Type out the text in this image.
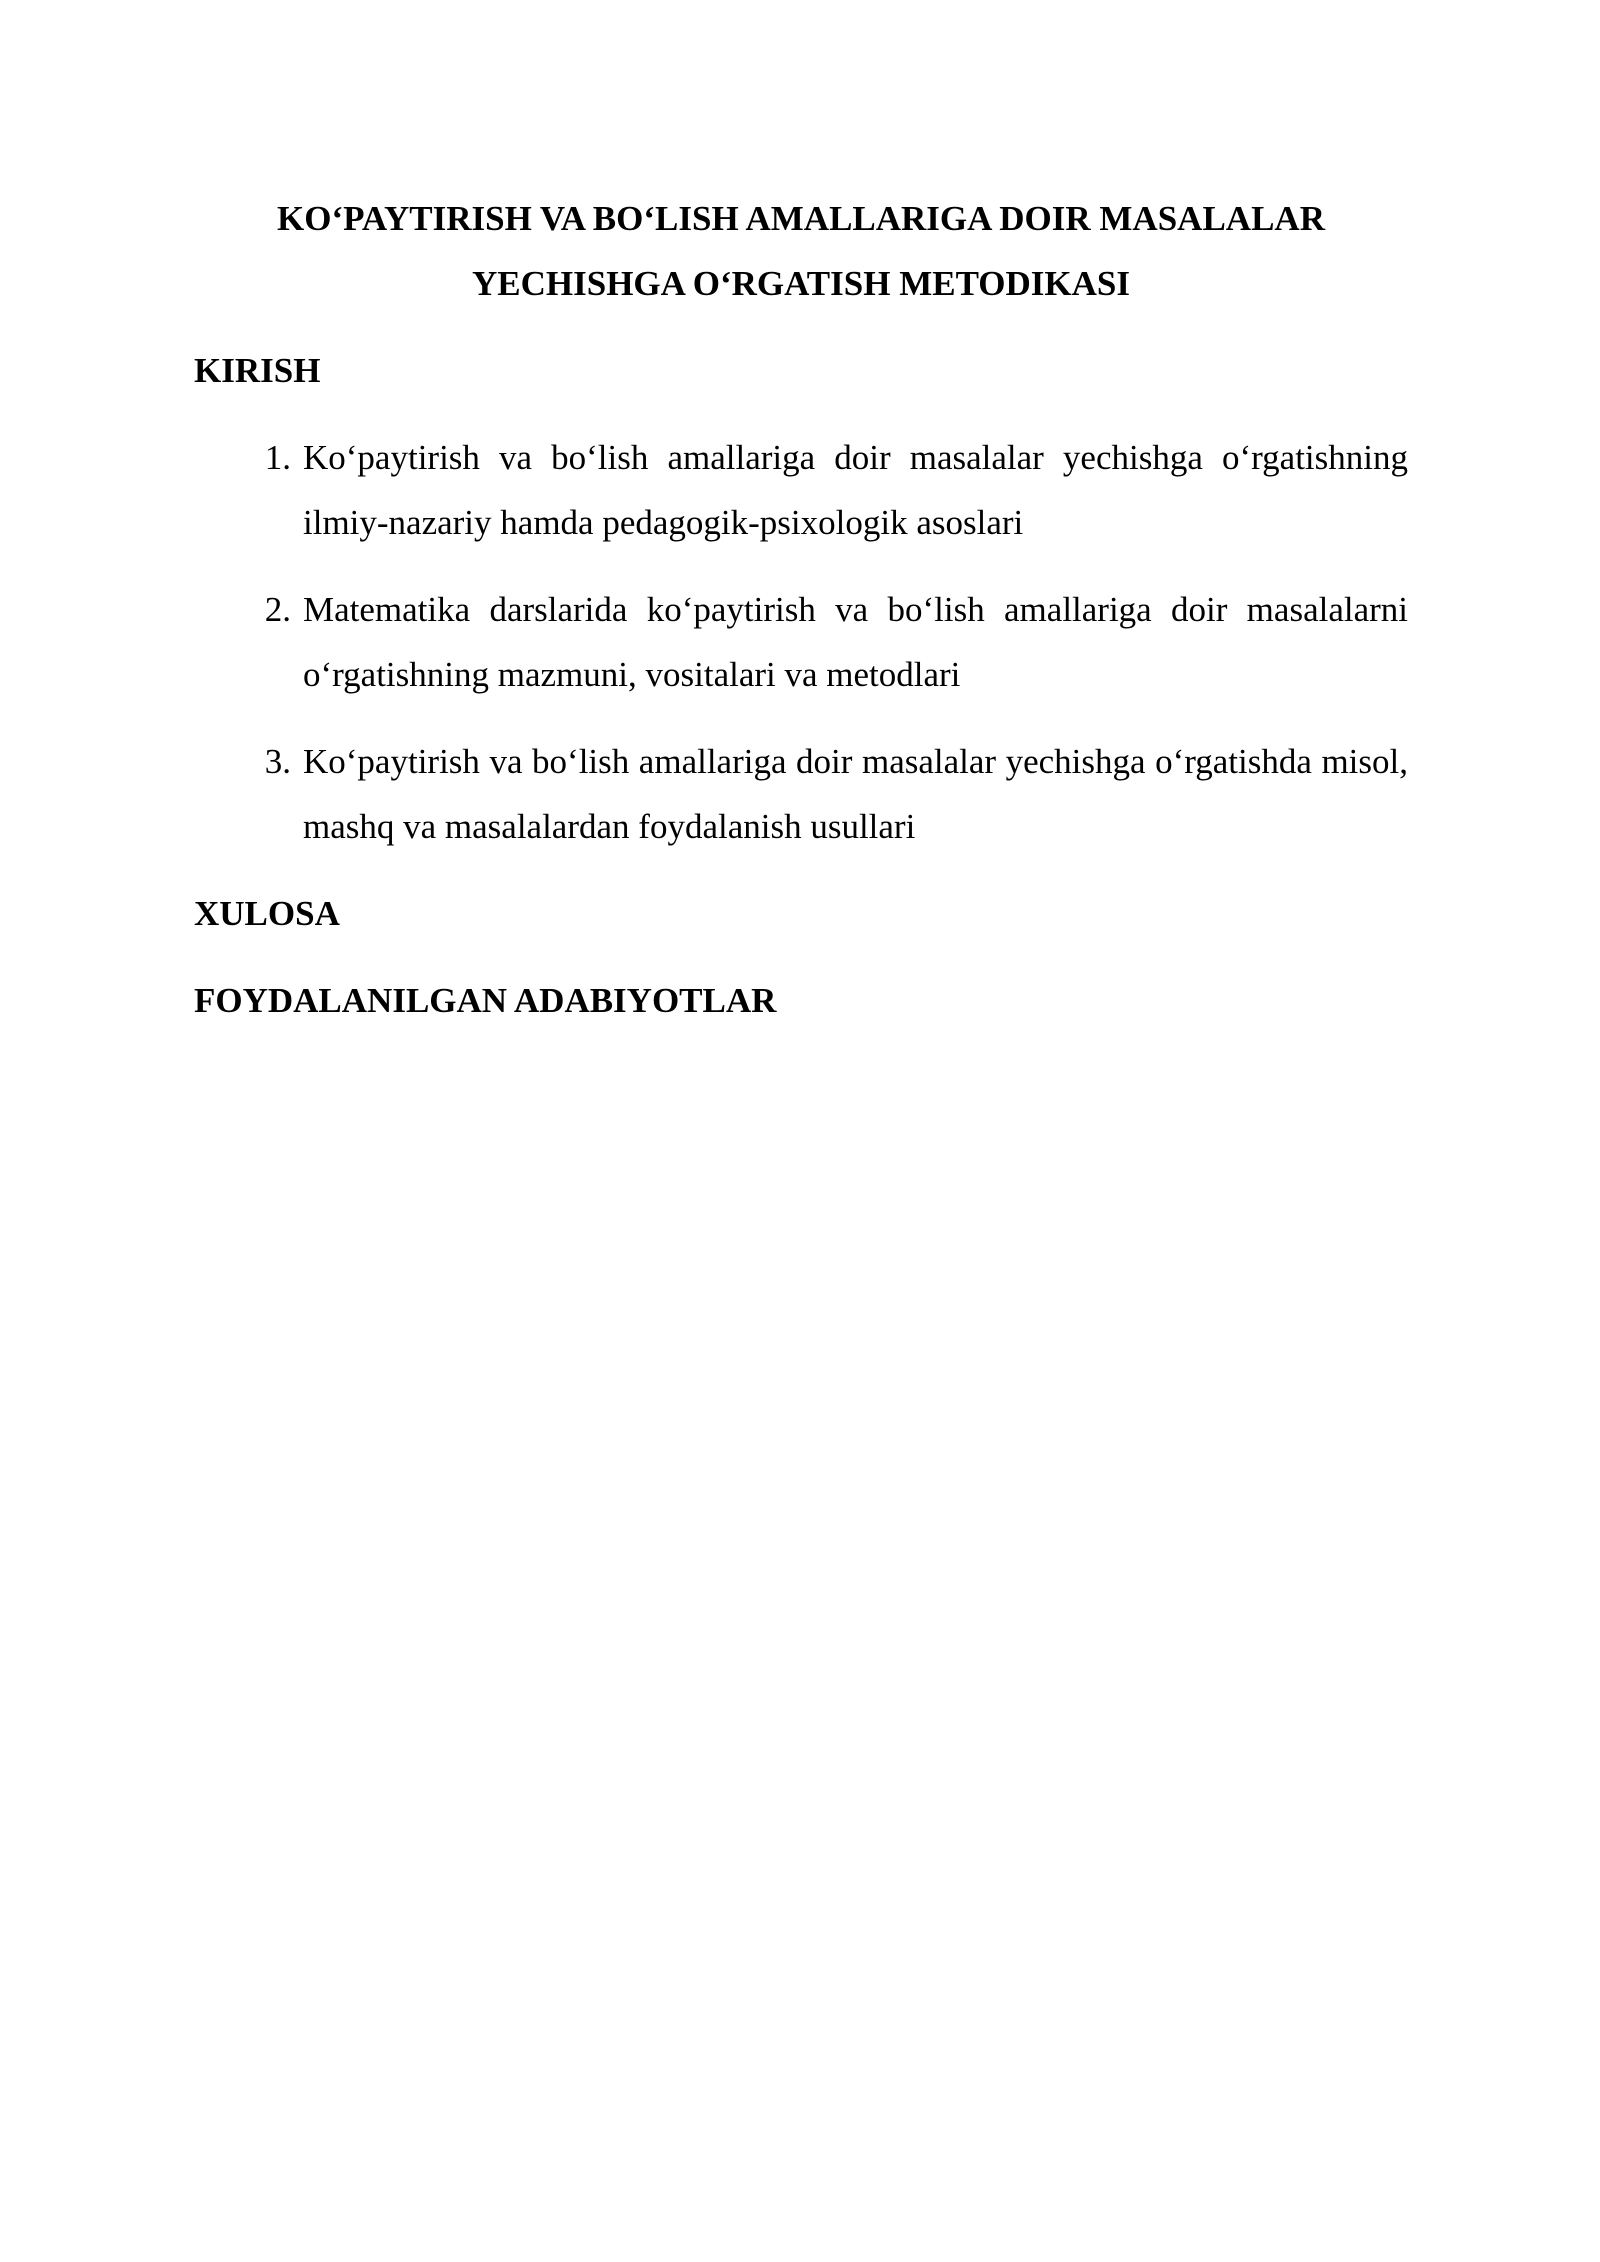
KO‘PAYTIRISH VA BO‘LISH AMALLARIGA DOIR MASALALAR
YECHISHGA O‘RGATISH METODIKASI
KIRISH
1. Ko‘paytirish va bo‘lish amallariga doir masalalar yechishga o‘rgatishning ilmiy-nazariy hamda pedagogik-psixologik asoslari
2. Matematika darslarida ko‘paytirish va bo‘lish amallariga doir masalalarni o‘rgatishning mazmuni, vositalari va metodlari
3. Ko‘paytirish va bo‘lish amallariga doir masalalar yechishga o‘rgatishda misol, mashq va masalalardan foydalanish usullari
XULOSA
FOYDALANILGAN ADABIYOTLAR
